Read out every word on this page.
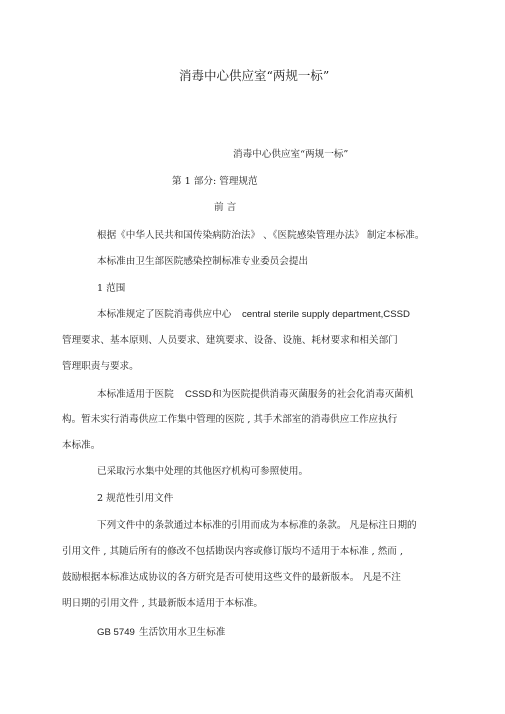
消毒中心供应室“两规一标”
消毒中心供应室“两规一标”
第 1 部分: 管理规范
前 言
根据《中华人民共和国传染病防治法》 、《医院感染管理办法》 制定本标准。
本标准由卫生部医院感染控制标准专业委员会提出
1 范围
本标准规定了医院消毒供应中心 central sterile supply department,CSSD
管理要求、基本原则、人员要求、建筑要求、设备、设施、耗材要求和相关部门
管理职责与要求。
本标准适用于医院 CSSD 和为医院提供消毒灭菌服务的社会化消毒灭菌机
构。暂未实行消毒供应工作集中管理的医院 , 其手术部室的消毒供应工作应执行
本标准。
已采取污水集中处理的其他医疗机构可参照使用。
2 规范性引用文件
下列文件中的条款通过本标准的引用而成为本标准的条款。 凡是标注日期的
引用文件 , 其随后所有的修改不包括勘误内容或修订版均不适用于本标准 , 然而 ,
鼓励根据本标准达成协议的各方研究是否可使用这些文件的最新版本。 凡是不注
明日期的引用文件 , 其最新版本适用于本标准。
GB 5749 生活饮用水卫生标准
